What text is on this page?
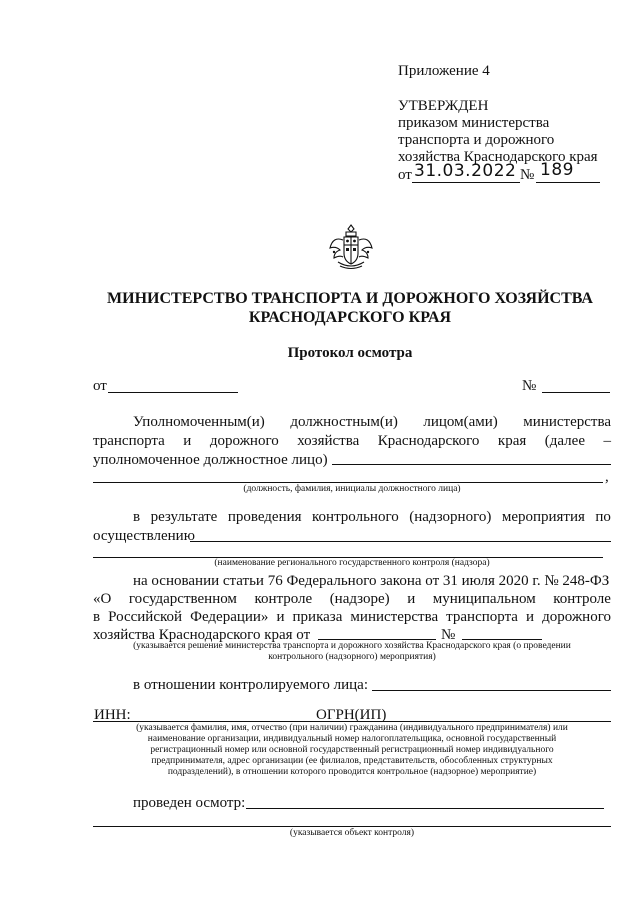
Приложение 4
УТВЕРЖДЕН
приказом министерства
транспорта и дорожного
хозяйства Краснодарского края
от 31.03.2022 № 189
МИНИСТЕРСТВО ТРАНСПОРТА И ДОРОЖНОГО ХОЗЯЙСТВА
КРАСНОДАРСКОГО КРАЯ
Протокол осмотра
от	№
Уполномоченным(и) должностным(и) лицом(ами) министерства
транспорта и дорожного хозяйства Краснодарского края (далее –
уполномоченное должностное лицо)
,
(должность, фамилия, инициалы должностного лица)
в результате проведения контрольного (надзорного) мероприятия по
осуществлению
(наименование регионального государственного контроля (надзора)
на основании статьи 76 Федерального закона от 31 июля 2020 г. № 248-ФЗ
«О государственном контроле (надзоре) и муниципальном контроле
в Российской Федерации» и приказа министерства транспорта и дорожного
хозяйства Краснодарского края от	№
(указывается решение министерства транспорта и дорожного хозяйства Краснодарского края (о проведении
контрольного (надзорного) мероприятия)
в отношении контролируемого лица:
ИНН:	ОГРН(ИП)
(указывается фамилия, имя, отчество (при наличии) гражданина (индивидуального предпринимателя) или
наименование организации, индивидуальный номер налогоплательщика, основной государственный
регистрационный номер или основной государственный регистрационный номер индивидуального
предпринимателя, адрес организации (ее филиалов, представительств, обособленных структурных
подразделений), в отношении которого проводится контрольное (надзорное) мероприятие)
проведен осмотр:
(указывается объект контроля)
